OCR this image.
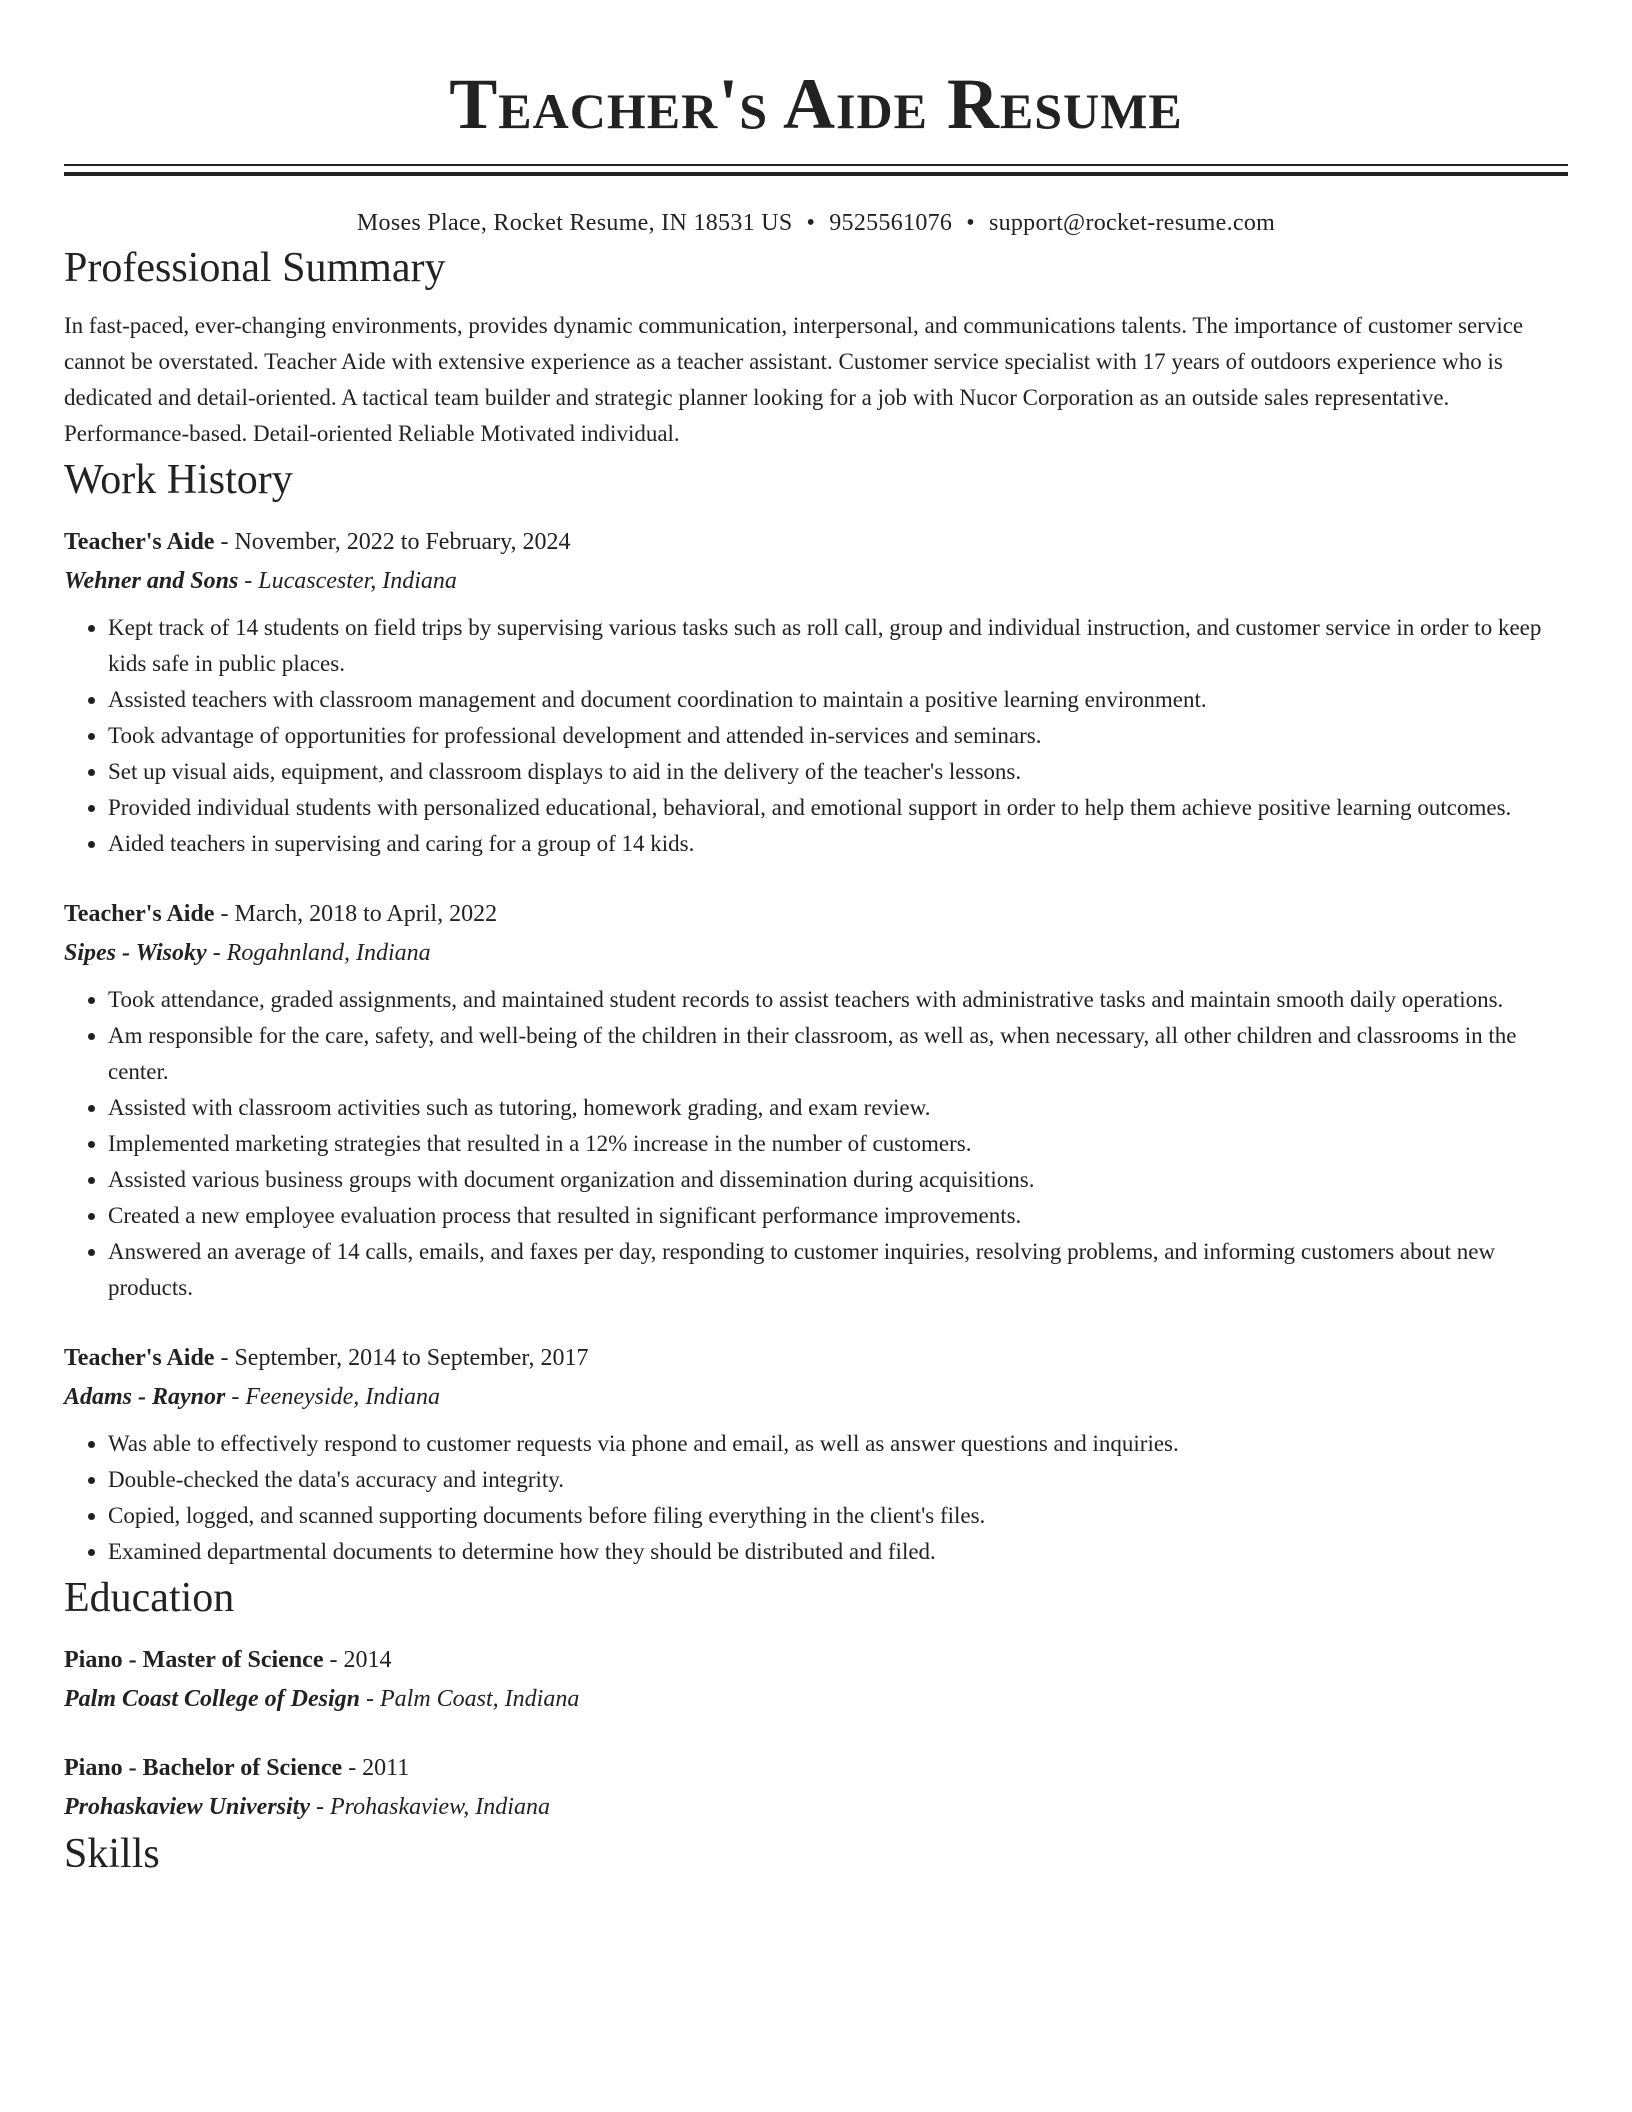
Teacher's Aide Resume
Moses Place, Rocket Resume, IN 18531 US • 9525561076 • support@rocket-resume.com
Professional Summary
In fast-paced, ever-changing environments, provides dynamic communication, interpersonal, and communications talents. The importance of customer service cannot be overstated. Teacher Aide with extensive experience as a teacher assistant. Customer service specialist with 17 years of outdoors experience who is dedicated and detail-oriented. A tactical team builder and strategic planner looking for a job with Nucor Corporation as an outside sales representative. Performance-based. Detail-oriented Reliable Motivated individual.
Work History
Teacher's Aide - November, 2022 to February, 2024
Wehner and Sons - Lucascester, Indiana
• Kept track of 14 students on field trips by supervising various tasks such as roll call, group and individual instruction, and customer service in order to keep kids safe in public places.
• Assisted teachers with classroom management and document coordination to maintain a positive learning environment.
• Took advantage of opportunities for professional development and attended in-services and seminars.
• Set up visual aids, equipment, and classroom displays to aid in the delivery of the teacher's lessons.
• Provided individual students with personalized educational, behavioral, and emotional support in order to help them achieve positive learning outcomes.
• Aided teachers in supervising and caring for a group of 14 kids.
Teacher's Aide - March, 2018 to April, 2022
Sipes - Wisoky - Rogahnland, Indiana
• Took attendance, graded assignments, and maintained student records to assist teachers with administrative tasks and maintain smooth daily operations.
• Am responsible for the care, safety, and well-being of the children in their classroom, as well as, when necessary, all other children and classrooms in the center.
• Assisted with classroom activities such as tutoring, homework grading, and exam review.
• Implemented marketing strategies that resulted in a 12% increase in the number of customers.
• Assisted various business groups with document organization and dissemination during acquisitions.
• Created a new employee evaluation process that resulted in significant performance improvements.
• Answered an average of 14 calls, emails, and faxes per day, responding to customer inquiries, resolving problems, and informing customers about new products.
Teacher's Aide - September, 2014 to September, 2017
Adams - Raynor - Feeneyside, Indiana
• Was able to effectively respond to customer requests via phone and email, as well as answer questions and inquiries.
• Double-checked the data's accuracy and integrity.
• Copied, logged, and scanned supporting documents before filing everything in the client's files.
• Examined departmental documents to determine how they should be distributed and filed.
Education
Piano - Master of Science - 2014
Palm Coast College of Design - Palm Coast, Indiana
Piano - Bachelor of Science - 2011
Prohaskaview University - Prohaskaview, Indiana
Skills
